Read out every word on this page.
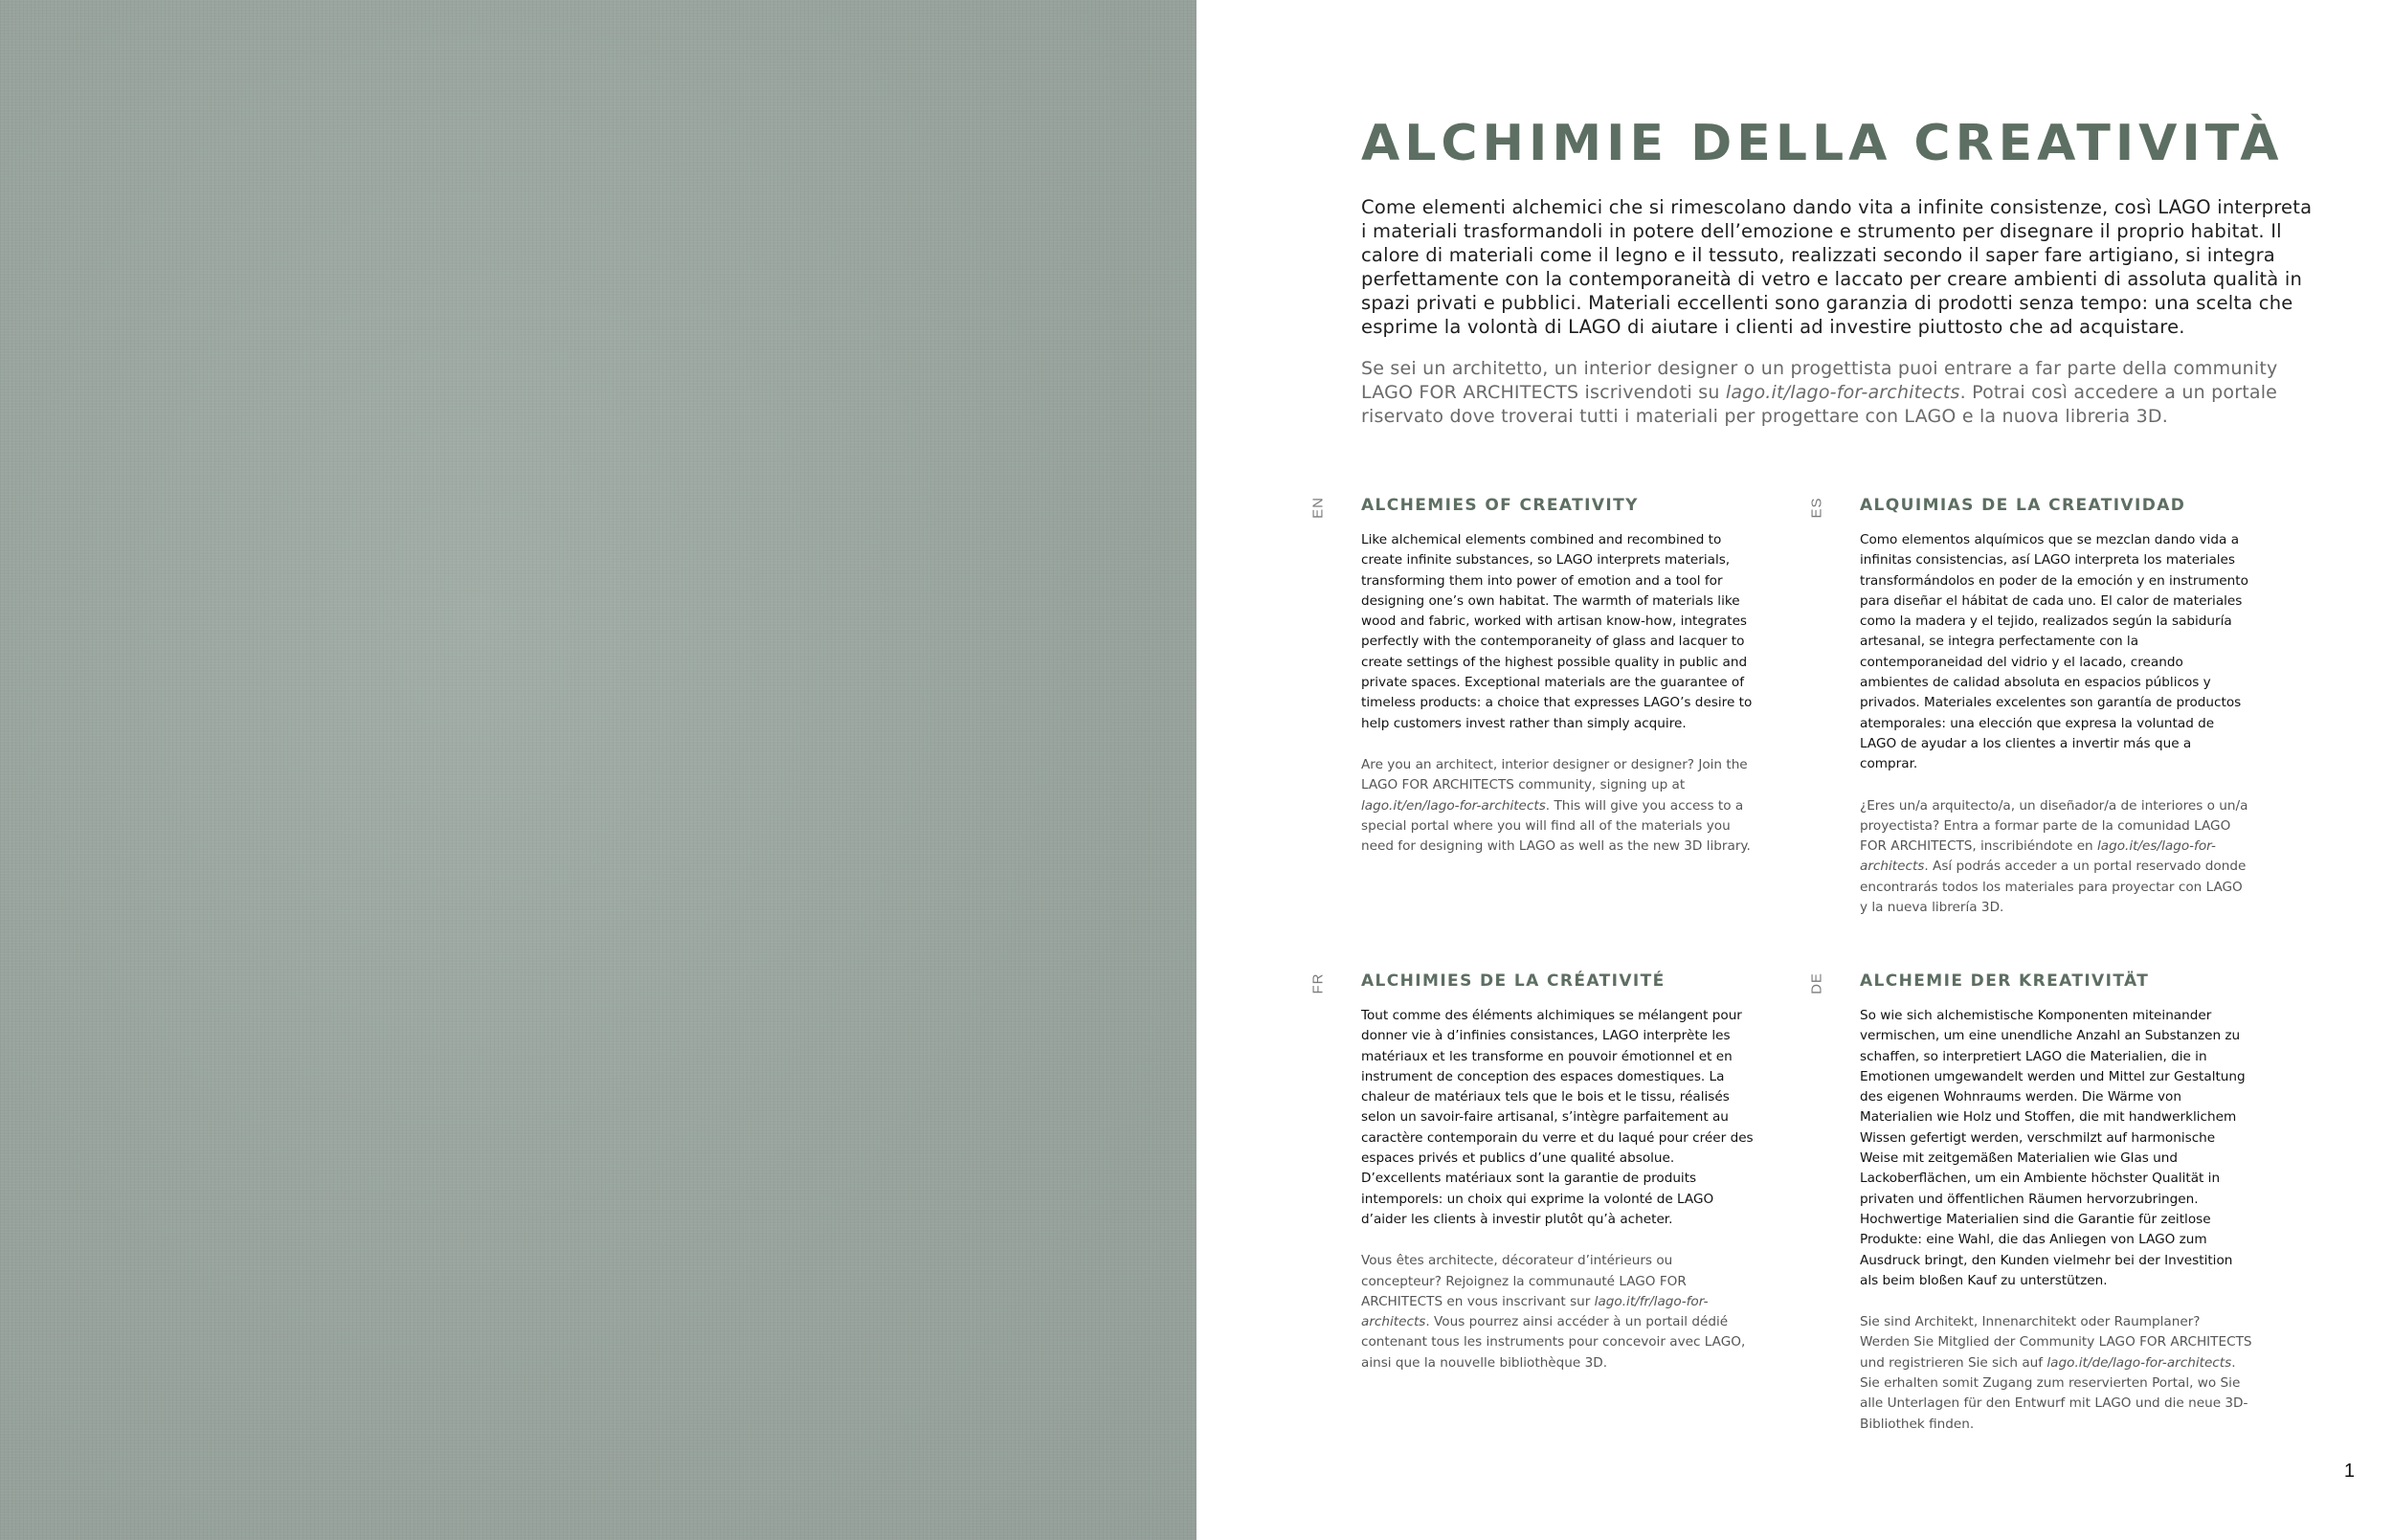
ALCHIMIE DELLA CREATIVITÀ

Come elementi alchemici che si rimescolano dando vita a infinite consistenze, così LAGO interpreta i materiali trasformandoli in potere dell’emozione e strumento per disegnare il proprio habitat. Il calore di materiali come il legno e il tessuto, realizzati secondo il saper fare artigiano, si integra perfettamente con la contemporaneità di vetro e laccato per creare ambienti di assoluta qualità in spazi privati e pubblici. Materiali eccellenti sono garanzia di prodotti senza tempo: una scelta che esprime la volontà di LAGO di aiutare i clienti ad investire piuttosto che ad acquistare.

Se sei un architetto, un interior designer o un progettista puoi entrare a far parte della community LAGO FOR ARCHITECTS iscrivendoti su lago.it/lago-for-architects. Potrai così accedere a un portale riservato dove troverai tutti i materiali per progettare con LAGO e la nuova libreria 3D.

EN ALCHEMIES OF CREATIVITY

Like alchemical elements combined and recombined to create infinite substances, so LAGO interprets materials, transforming them into power of emotion and a tool for designing one’s own habitat. The warmth of materials like wood and fabric, worked with artisan know-how, integrates perfectly with the contemporaneity of glass and lacquer to create settings of the highest possible quality in public and private spaces. Exceptional materials are the guarantee of timeless products: a choice that expresses LAGO’s desire to help customers invest rather than simply acquire.

Are you an architect, interior designer or designer? Join the LAGO FOR ARCHITECTS community, signing up at lago.it/en/lago-for-architects. This will give you access to a special portal where you will find all of the materials you need for designing with LAGO as well as the new 3D library.

ES ALQUIMIAS DE LA CREATIVIDAD

Como elementos alquímicos que se mezclan dando vida a infinitas consistencias, así LAGO interpreta los materiales transformándolos en poder de la emoción y en instrumento para diseñar el hábitat de cada uno. El calor de materiales como la madera y el tejido, realizados según la sabiduría artesanal, se integra perfectamente con la contemporaneidad del vidrio y el lacado, creando ambientes de calidad absoluta en espacios públicos y privados. Materiales excelentes son garantía de productos atemporales: una elección que expresa la voluntad de LAGO de ayudar a los clientes a invertir más que a comprar.

¿Eres un/a arquitecto/a, un diseñador/a de interiores o un/a proyectista? Entra a formar parte de la comunidad LAGO FOR ARCHITECTS, inscribiéndote en lago.it/es/lago-for-architects. Así podrás acceder a un portal reservado donde encontrarás todos los materiales para proyectar con LAGO y la nueva librería 3D.

FR ALCHIMIES DE LA CRÉATIVITÉ

Tout comme des éléments alchimiques se mélangent pour donner vie à d’infinies consistances, LAGO interprète les matériaux et les transforme en pouvoir émotionnel et en instrument de conception des espaces domestiques. La chaleur de matériaux tels que le bois et le tissu, réalisés selon un savoir-faire artisanal, s’intègre parfaitement au caractère contemporain du verre et du laqué pour créer des espaces privés et publics d’une qualité absolue. D’excellents matériaux sont la garantie de produits intemporels: un choix qui exprime la volonté de LAGO d’aider les clients à investir plutôt qu’à acheter.

Vous êtes architecte, décorateur d’intérieurs ou concepteur? Rejoignez la communauté LAGO FOR ARCHITECTS en vous inscrivant sur lago.it/fr/lago-for-architects. Vous pourrez ainsi accéder à un portail dédié contenant tous les instruments pour concevoir avec LAGO, ainsi que la nouvelle bibliothèque 3D.

DE ALCHEMIE DER KREATIVITÄT

So wie sich alchemistische Komponenten miteinander vermischen, um eine unendliche Anzahl an Substanzen zu schaffen, so interpretiert LAGO die Materialien, die in Emotionen umgewandelt werden und Mittel zur Gestaltung des eigenen Wohnraums werden. Die Wärme von Materialien wie Holz und Stoffen, die mit handwerklichem Wissen gefertigt werden, verschmilzt auf harmonische Weise mit zeitgemäßen Materialien wie Glas und Lackoberflächen, um ein Ambiente höchster Qualität in privaten und öffentlichen Räumen hervorzubringen. Hochwertige Materialien sind die Garantie für zeitlose Produkte: eine Wahl, die das Anliegen von LAGO zum Ausdruck bringt, den Kunden vielmehr bei der Investition als beim bloßen Kauf zu unterstützen.

Sie sind Architekt, Innenarchitekt oder Raumplaner? Werden Sie Mitglied der Community LAGO FOR ARCHITECTS und registrieren Sie sich auf lago.it/de/lago-for-architects. Sie erhalten somit Zugang zum reservierten Portal, wo Sie alle Unterlagen für den Entwurf mit LAGO und die neue 3D-Bibliothek finden.

1
